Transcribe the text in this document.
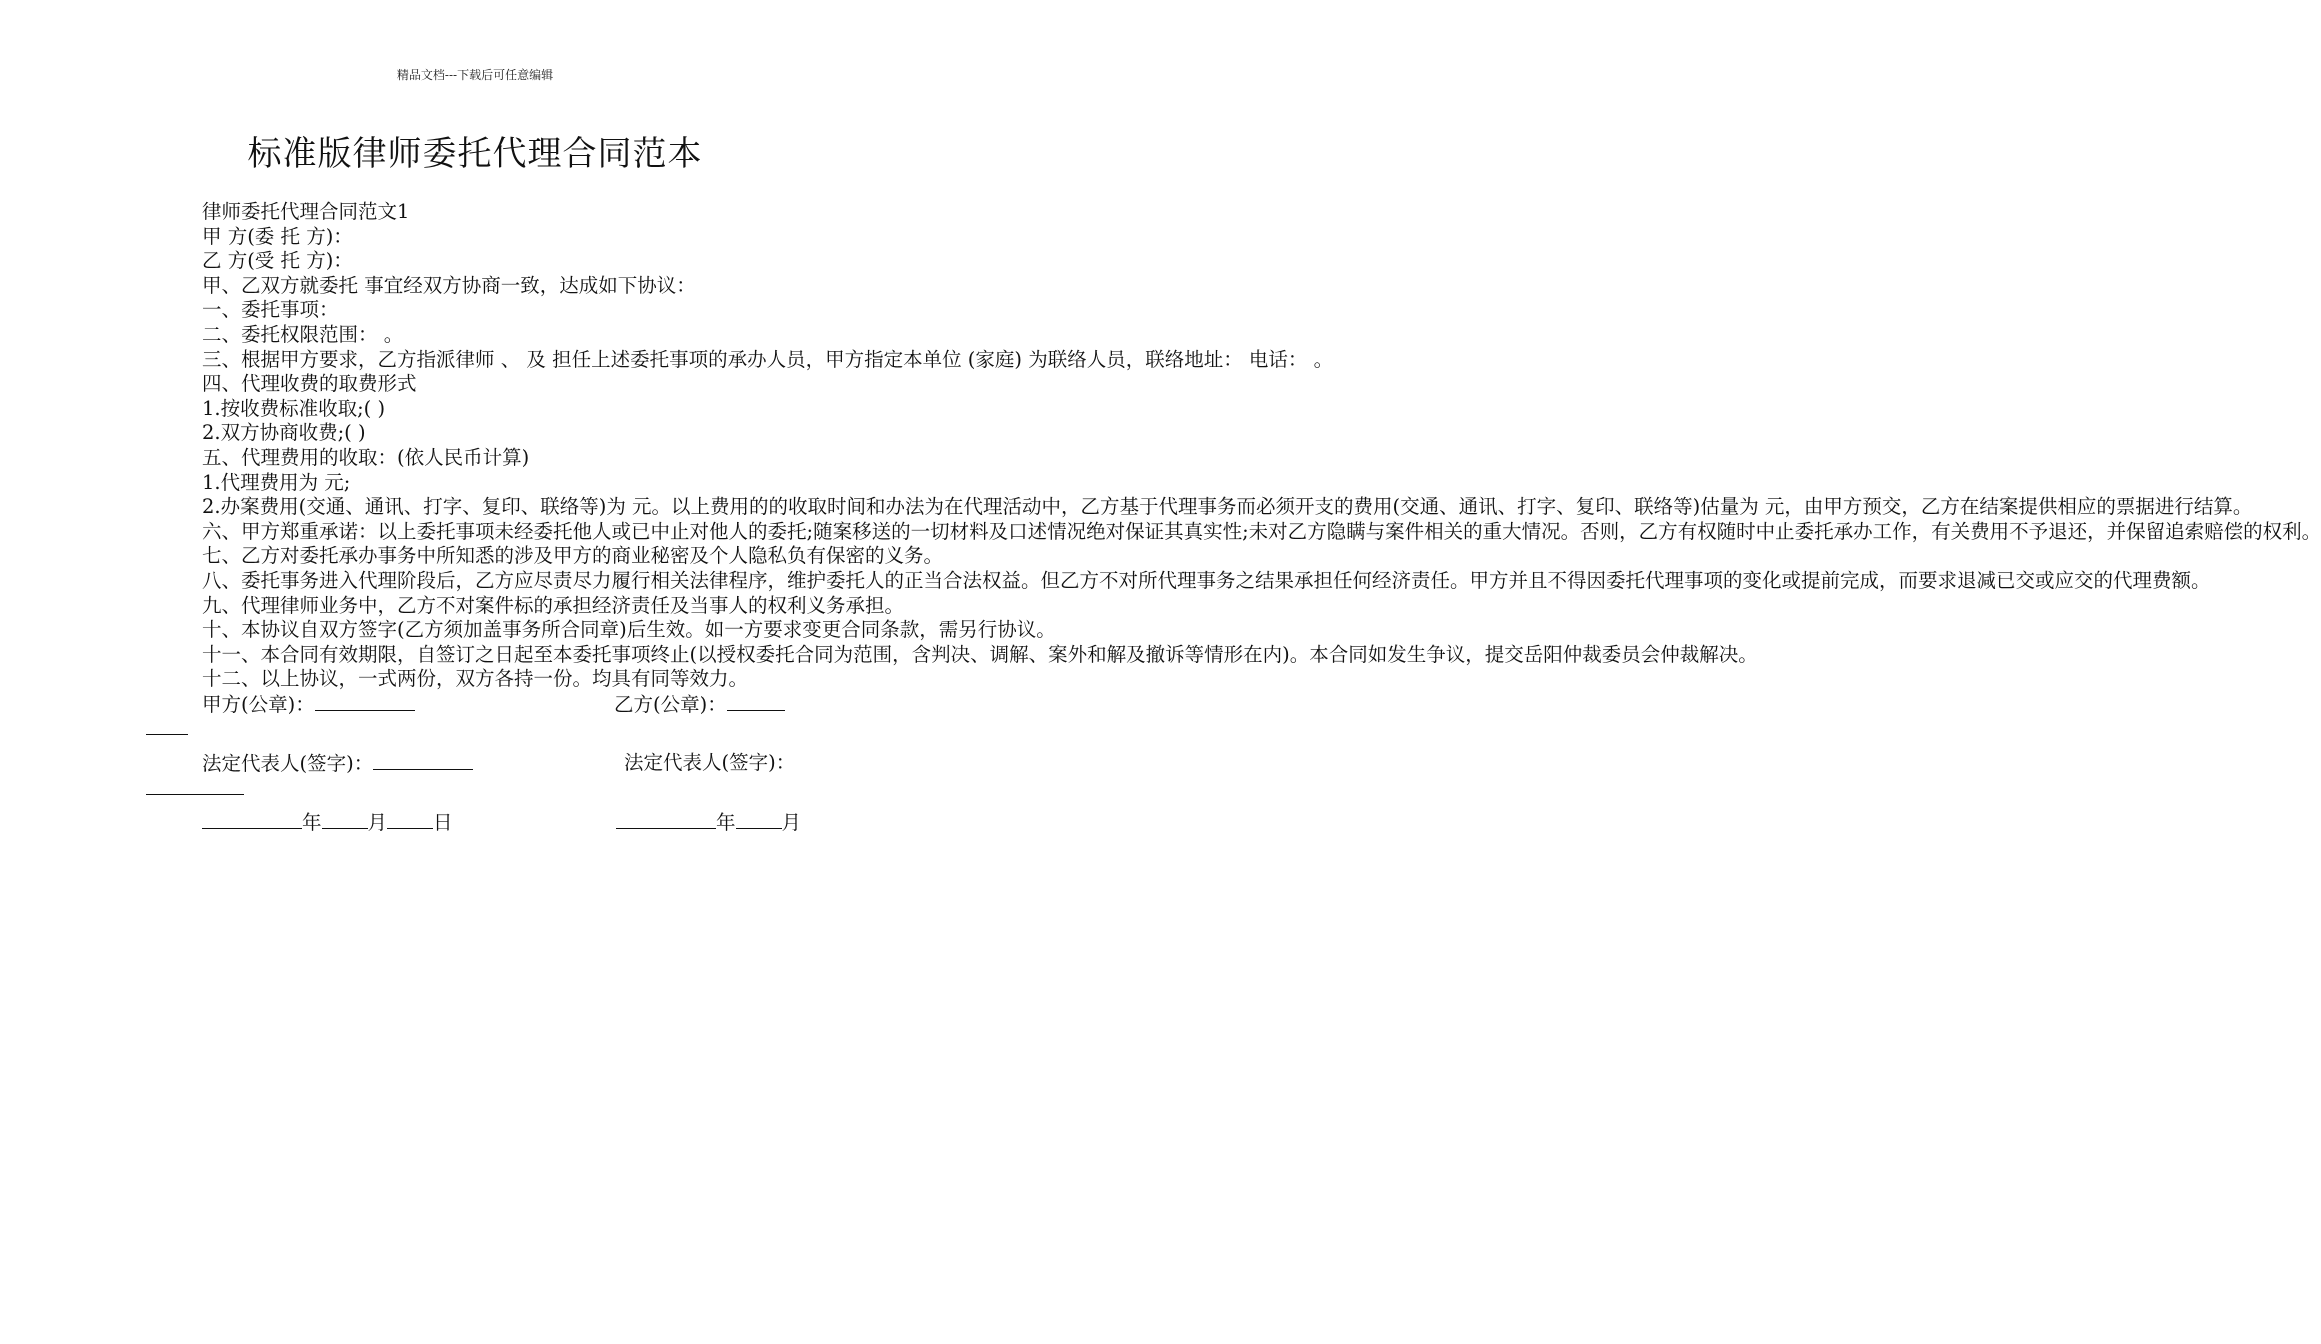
精品文档---下载后可任意编辑
标准版律师委托代理合同范本

律师委托代理合同范文1

甲 方(委 托 方)：

乙 方(受 托 方)：

甲、乙双方就委托 事宜经双方协商一致，达成如下协议：

一、委托事项：

二、委托权限范围： 。

三、根据甲方要求，乙方指派律师 、 及 担任上述委托事项的承办人员，甲方指定本单位 (家庭) 为联络人员，联络地址： 电话： 。

四、代理收费的取费形式

1.按收费标准收取;( )

2.双方协商收费;( )

五、代理费用的收取：(依人民币计算)

1.代理费用为 元;

2.办案费用(交通、通讯、打字、复印、联络等)为 元。以上费用的的收取时间和办法为在代理活动中，乙方基于代理事务而必须开支的费用(交通、通讯、打字、复印、联络等)估量为 元，由甲方预交，乙方在结案提供相应的票据进行结算。

六、甲方郑重承诺：以上委托事项未经委托他人或已中止对他人的委托;随案移送的一切材料及口述情况绝对保证其真实性;未对乙方隐瞒与案件相关的重大情况。否则，乙方有权随时中止委托承办工作，有关费用不予退还，并保留追索赔偿的权利。

七、乙方对委托承办事务中所知悉的涉及甲方的商业秘密及个人隐私负有保密的义务。

八、委托事务进入代理阶段后，乙方应尽责尽力履行相关法律程序，维护委托人的正当合法权益。但乙方不对所代理事务之结果承担任何经济责任。甲方并且不得因委托代理事项的变化或提前完成，而要求退减已交或应交的代理费额。

九、代理律师业务中，乙方不对案件标的承担经济责任及当事人的权利义务承担。

十、本协议自双方签字(乙方须加盖事务所合同章)后生效。如一方要求变更合同条款，需另行协议。

十一、本合同有效期限，自签订之日起至本委托事项终止(以授权委托合同为范围，含判决、调解、案外和解及撤诉等情形在内)。本合同如发生争议，提交岳阳仲裁委员会仲裁解决。

十二、以上协议，一式两份，双方各持一份。均具有同等效力。

甲方(公章)：	乙方(公章)：
法定代表人(签字)：	法定代表人(签字)：
年 月 日	年 月
